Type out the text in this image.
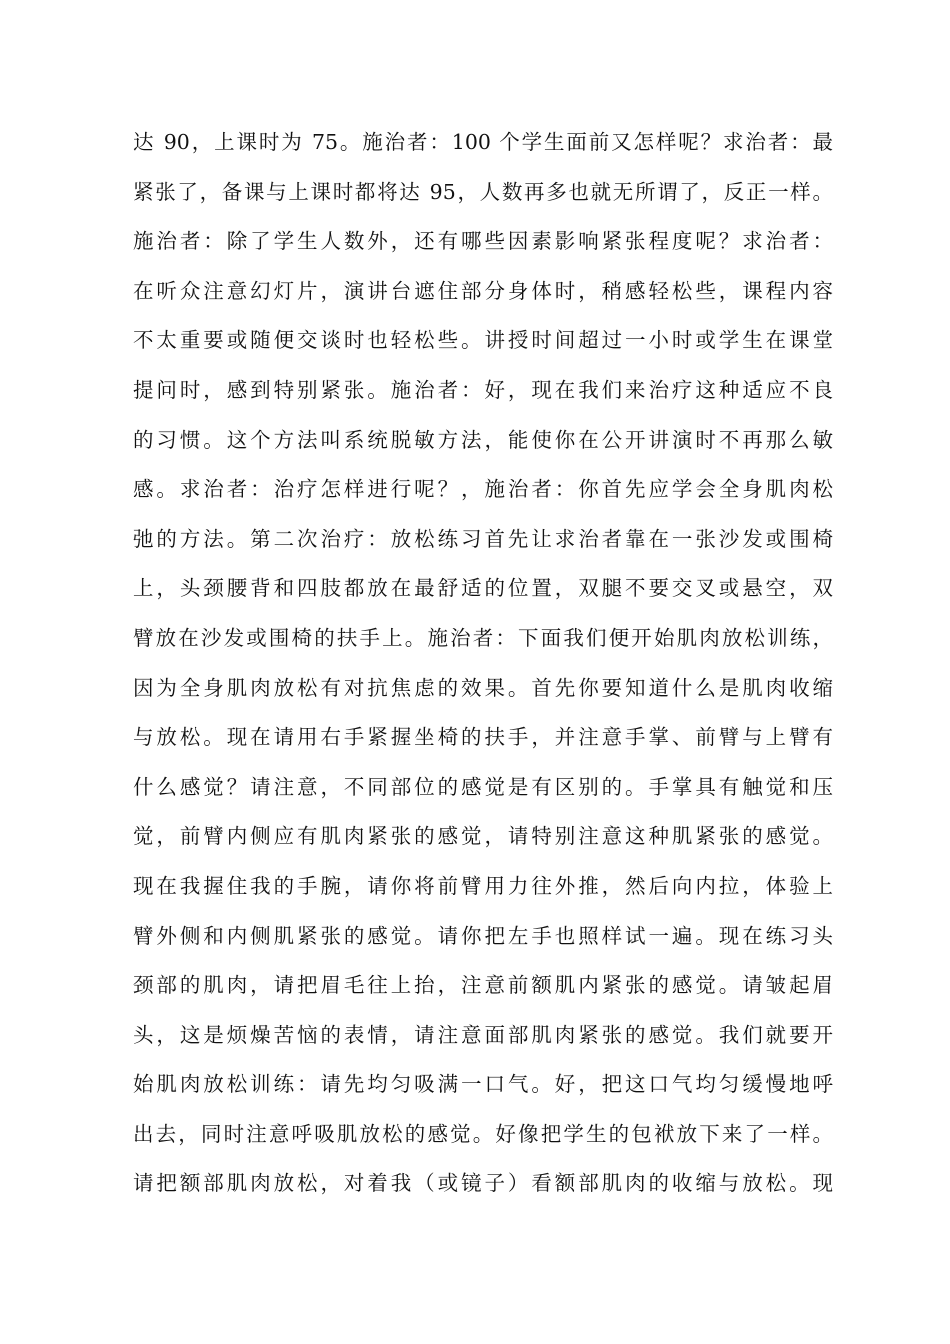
达 90，上课时为 75。施治者：100 个学生面前又怎样呢？求治者：最
紧张了，备课与上课时都将达 95，人数再多也就无所谓了，反正一样。
施治者：除了学生人数外，还有哪些因素影响紧张程度呢？求治者：
在听众注意幻灯片，演讲台遮住部分身体时，稍感轻松些，课程内容
不太重要或随便交谈时也轻松些。讲授时间超过一小时或学生在课堂
提问时，感到特别紧张。施治者：好，现在我们来治疗这种适应不良
的习惯。这个方法叫系统脱敏方法，能使你在公开讲演时不再那么敏
感。求治者：治疗怎样进行呢？，施治者：你首先应学会全身肌肉松
弛的方法。第二次治疗：放松练习首先让求治者靠在一张沙发或围椅
上，头颈腰背和四肢都放在最舒适的位置，双腿不要交叉或悬空，双
臂放在沙发或围椅的扶手上。施治者：下面我们便开始肌肉放松训练，
因为全身肌肉放松有对抗焦虑的效果。首先你要知道什么是肌肉收缩
与放松。现在请用右手紧握坐椅的扶手，并注意手掌、前臂与上臂有
什么感觉？请注意，不同部位的感觉是有区别的。手掌具有触觉和压
觉，前臂内侧应有肌肉紧张的感觉，请特别注意这种肌紧张的感觉。
现在我握住我的手腕，请你将前臂用力往外推，然后向内拉，体验上
臂外侧和内侧肌紧张的感觉。请你把左手也照样试一遍。现在练习头
颈部的肌肉，请把眉毛往上抬，注意前额肌内紧张的感觉。请皱起眉
头，这是烦燥苦恼的表情，请注意面部肌肉紧张的感觉。我们就要开
始肌肉放松训练：请先均匀吸满一口气。好，把这口气均匀缓慢地呼
出去，同时注意呼吸肌放松的感觉。好像把学生的包袱放下来了一样。
请把额部肌肉放松，对着我（或镜子）看额部肌肉的收缩与放松。现
